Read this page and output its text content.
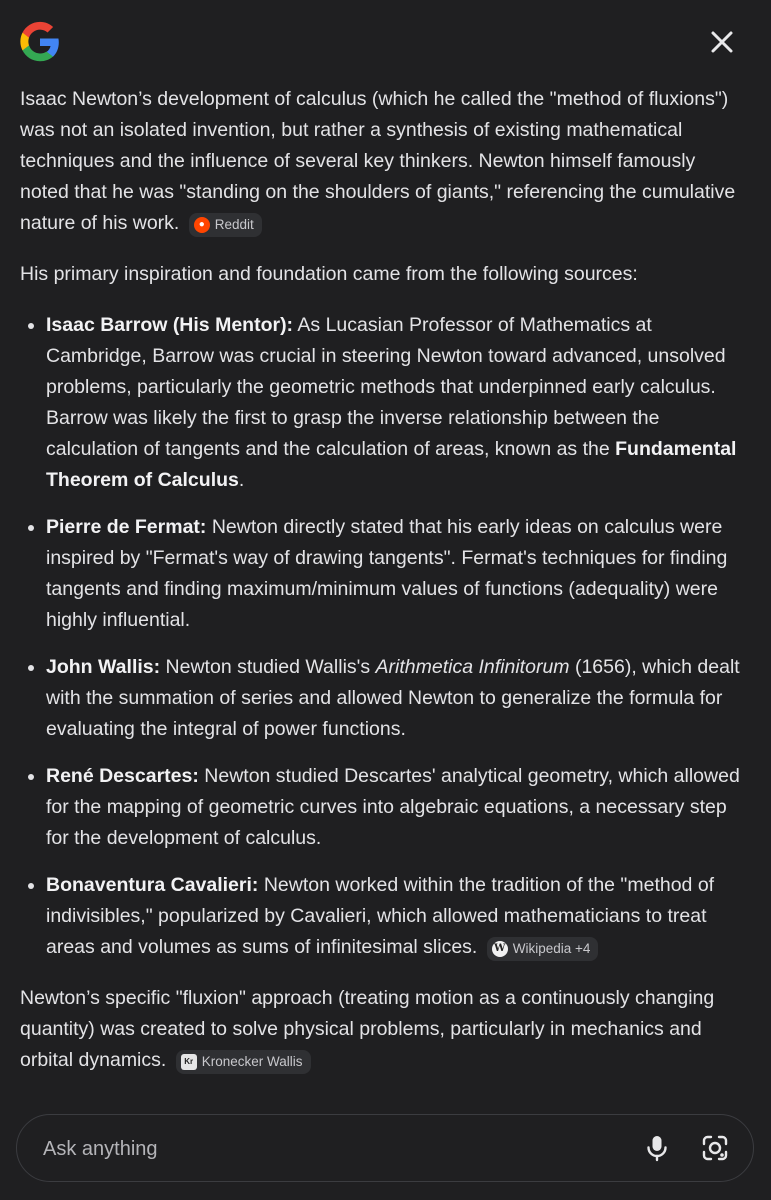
Isaac Newton’s development of calculus (which he called the "method of fluxions") was not an isolated invention, but rather a synthesis of existing mathematical techniques and the influence of several key thinkers. Newton himself famously noted that he was "standing on the shoulders of giants," referencing the cumulative nature of his work.	● Reddit

His primary inspiration and foundation came from the following sources:

• Isaac Barrow (His Mentor): As Lucasian Professor of Mathematics at Cambridge, Barrow was crucial in steering Newton toward advanced, unsolved problems, particularly the geometric methods that underpinned early calculus. Barrow was likely the first to grasp the inverse relationship between the calculation of tangents and the calculation of areas, known as the Fundamental Theorem of Calculus.
• Pierre de Fermat: Newton directly stated that his early ideas on calculus were inspired by "Fermat's way of drawing tangents". Fermat's techniques for finding tangents and finding maximum/minimum values of functions (adequality) were highly influential.
• John Wallis: Newton studied Wallis's Arithmetica Infinitorum (1656), which dealt with the summation of series and allowed Newton to generalize the formula for evaluating the integral of power functions.
• René Descartes: Newton studied Descartes' analytical geometry, which allowed for the mapping of geometric curves into algebraic equations, a necessary step for the development of calculus.
• Bonaventura Cavalieri: Newton worked within the tradition of the "method of indivisibles," popularized by Cavalieri, which allowed mathematicians to treat areas and volumes as sums of infinitesimal slices. W Wikipedia +4

Newton’s specific "fluxion" approach (treating motion as a continuously changing quantity) was created to solve physical problems, particularly in mechanics and orbital dynamics.	Kr Kronecker Wallis

Ask anything
